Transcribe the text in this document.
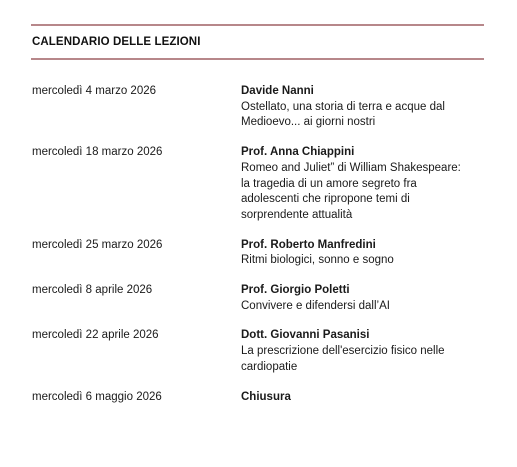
CALENDARIO DELLE LEZIONI
mercoledì 4 marzo 2026	Davide Nanni
Ostellato, una storia di terra e acque dal
Medioevo... ai giorni nostri
mercoledì 18 marzo 2026	Prof. Anna Chiappini
Romeo and Juliet” di William Shakespeare:
la tragedia di un amore segreto fra
adolescenti che ripropone temi di
sorprendente attualità
mercoledì 25 marzo 2026	Prof. Roberto Manfredini
Ritmi biologici, sonno e sogno
mercoledì 8 aprile 2026	Prof. Giorgio Poletti
Convivere e difendersi dall’AI
mercoledì 22 aprile 2026	Dott. Giovanni Pasanisi
La prescrizione dell'esercizio fisico nelle
cardiopatie
mercoledì 6 maggio 2026	Chiusura
